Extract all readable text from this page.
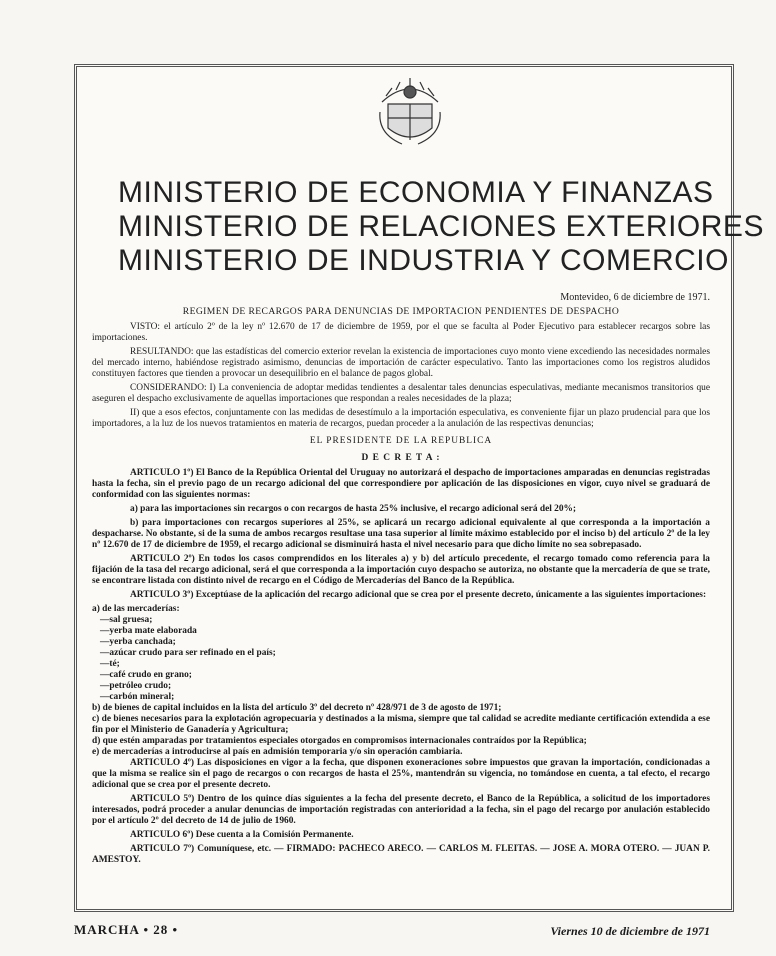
MINISTERIO DE ECONOMIA Y FINANZAS
MINISTERIO DE RELACIONES EXTERIORES
MINISTERIO DE INDUSTRIA Y COMERCIO
Montevideo, 6 de diciembre de 1971.
REGIMEN DE RECARGOS PARA DENUNCIAS DE IMPORTACION PENDIENTES DE DESPACHO

VISTO: el artículo 2º de la ley nº 12.670 de 17 de diciembre de 1959, por el que se faculta al Poder Ejecutivo para establecer recargos sobre las importaciones.

RESULTANDO: que las estadísticas del comercio exterior revelan la existencia de importaciones cuyo monto viene excediendo las necesidades normales del mercado interno, habiéndose registrado asimismo, denuncias de importación de carácter especulativo. Tanto las importaciones como los registros aludidos constituyen factores que tienden a provocar un desequilibrio en el balance de pagos global.

CONSIDERANDO: I) La conveniencia de adoptar medidas tendientes a desalentar tales denuncias especulativas, mediante mecanismos transitorios que aseguren el despacho exclusivamente de aquellas importaciones que respondan a reales necesidades de la plaza;

II) que a esos efectos, conjuntamente con las medidas de desestímulo a la importación especulativa, es conveniente fijar un plazo prudencial para que los importadores, a la luz de los nuevos tratamientos en materia de recargos, puedan proceder a la anulación de las respectivas denuncias;

EL PRESIDENTE DE LA REPUBLICA

D E C R E T A :

ARTICULO 1º) El Banco de la República Oriental del Uruguay no autorizará el despacho de importaciones amparadas en denuncias registradas hasta la fecha, sin el previo pago de un recargo adicional del que correspondiere por aplicación de las disposiciones en vigor, cuyo nivel se graduará de conformidad con las siguientes normas:

a) para las importaciones sin recargos o con recargos de hasta 25% inclusive, el recargo adicional será del 20%;

b) para importaciones con recargos superiores al 25%, se aplicará un recargo adicional equivalente al que corresponda a la importación a despacharse. No obstante, si de la suma de ambos recargos resultase una tasa superior al límite máximo establecido por el inciso b) del artículo 2º de la ley nº 12.670 de 17 de diciembre de 1959, el recargo adicional se disminuirá hasta el nivel necesario para que dicho límite no sea sobrepasado.

ARTICULO 2º) En todos los casos comprendidos en los literales a) y b) del artículo precedente, el recargo tomado como referencia para la fijación de la tasa del recargo adicional, será el que corresponda a la importación cuyo despacho se autoriza, no obstante que la mercadería de que se trate, se encontrare listada con distinto nivel de recargo en el Código de Mercaderías del Banco de la República.

ARTICULO 3º) Exceptúase de la aplicación del recargo adicional que se crea por el presente decreto, únicamente a las siguientes importaciones:

a) de las mercaderías:

—sal gruesa;

—yerba mate elaborada

—yerba canchada;

—azúcar crudo para ser refinado en el país;

—té;

—café crudo en grano;

—petróleo crudo;

—carbón mineral;

b) de bienes de capital incluidos en la lista del artículo 3º del decreto nº 428/971 de 3 de agosto de 1971;

c) de bienes necesarios para la explotación agropecuaria y destinados a la misma, siempre que tal calidad se acredite mediante certificación extendida a ese fin por el Ministerio de Ganadería y Agricultura;

d) que estén amparadas por tratamientos especiales otorgados en compromisos internacionales contraídos por la República;

e) de mercaderías a introducirse al país en admisión temporaria y/o sin operación cambiaria.

ARTICULO 4º) Las disposiciones en vigor a la fecha, que disponen exoneraciones sobre impuestos que gravan la importación, condicionadas a que la misma se realice sin el pago de recargos o con recargos de hasta el 25%, mantendrán su vigencia, no tomándose en cuenta, a tal efecto, el recargo adicional que se crea por el presente decreto.

ARTICULO 5º) Dentro de los quince días siguientes a la fecha del presente decreto, el Banco de la República, a solicitud de los importadores interesados, podrá proceder a anular denuncias de importación registradas con anterioridad a la fecha, sin el pago del recargo por anulación establecido por el artículo 2º del decreto de 14 de julio de 1960.

ARTICULO 6º) Dese cuenta a la Comisión Permanente.

ARTICULO 7º) Comuníquese, etc. — FIRMADO: PACHECO ARECO. — CARLOS M. FLEITAS. — JOSE A. MORA OTERO. — JUAN P. AMESTOY.

MARCHA • 28 •	Viernes 10 de diciembre de 1971
